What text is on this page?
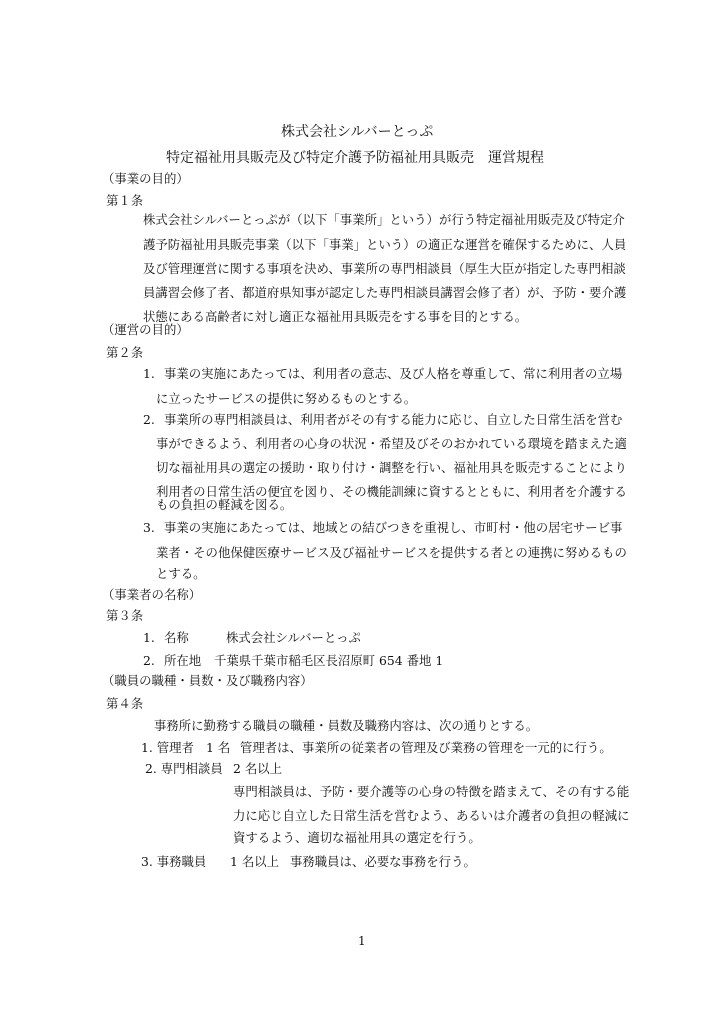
株式会社シルバーとっぷ
特定福祉用具販売及び特定介護予防福祉用具販売　運営規程
（事業の目的）
第１条
株式会社シルバーとっぷが（以下「事業所」という）が行う特定福祉用販売及び特定介
護予防福祉用具販売事業（以下「事業」という）の適正な運営を確保するために、人員
及び管理運営に関する事項を決め、事業所の専門相談員（厚生大臣が指定した専門相談
員講習会修了者、都道府県知事が認定した専門相談員講習会修了者）が、予防・要介護
状態にある高齢者に対し適正な福祉用具販売をする事を目的とする。
（運営の目的）
第２条
1. 事業の実施にあたっては、利用者の意志、及び人格を尊重して、常に利用者の立場
に立ったサービスの提供に努めるものとする。
2. 事業所の専門相談員は、利用者がその有する能力に応じ、自立した日常生活を営む
事ができるよう、利用者の心身の状況・希望及びそのおかれている環境を踏まえた適
切な福祉用具の選定の援助・取り付け・調整を行い、福祉用具を販売することにより
利用者の日常生活の便宜を図り、その機能訓練に資するとともに、利用者を介護する
もの負担の軽減を図る。
3. 事業の実施にあたっては、地域との結びつきを重視し、市町村・他の居宅サービ事
業者・その他保健医療サービス及び福祉サービスを提供する者との連携に努めるもの
とする。
（事業者の名称）
第３条
1. 名称	株式会社シルバーとっぷ
2. 所在地 千葉県千葉市稲毛区長沼原町 654 番地 1
（職員の職種・員数・及び職務内容）
第４条
事務所に勤務する職員の職種・員数及職務内容は、次の通りとする。
1. 管理者 1 名 管理者は、事業所の従業者の管理及び業務の管理を一元的に行う。
2. 専門相談員 2 名以上
専門相談員は、予防・要介護等の心身の特徴を踏まえて、その有する能
力に応じ自立した日常生活を営むよう、あるいは介護者の負担の軽減に
資するよう、適切な福祉用具の選定を行う。
3. 事務職員 1 名以上 事務職員は、必要な事務を行う。
1
